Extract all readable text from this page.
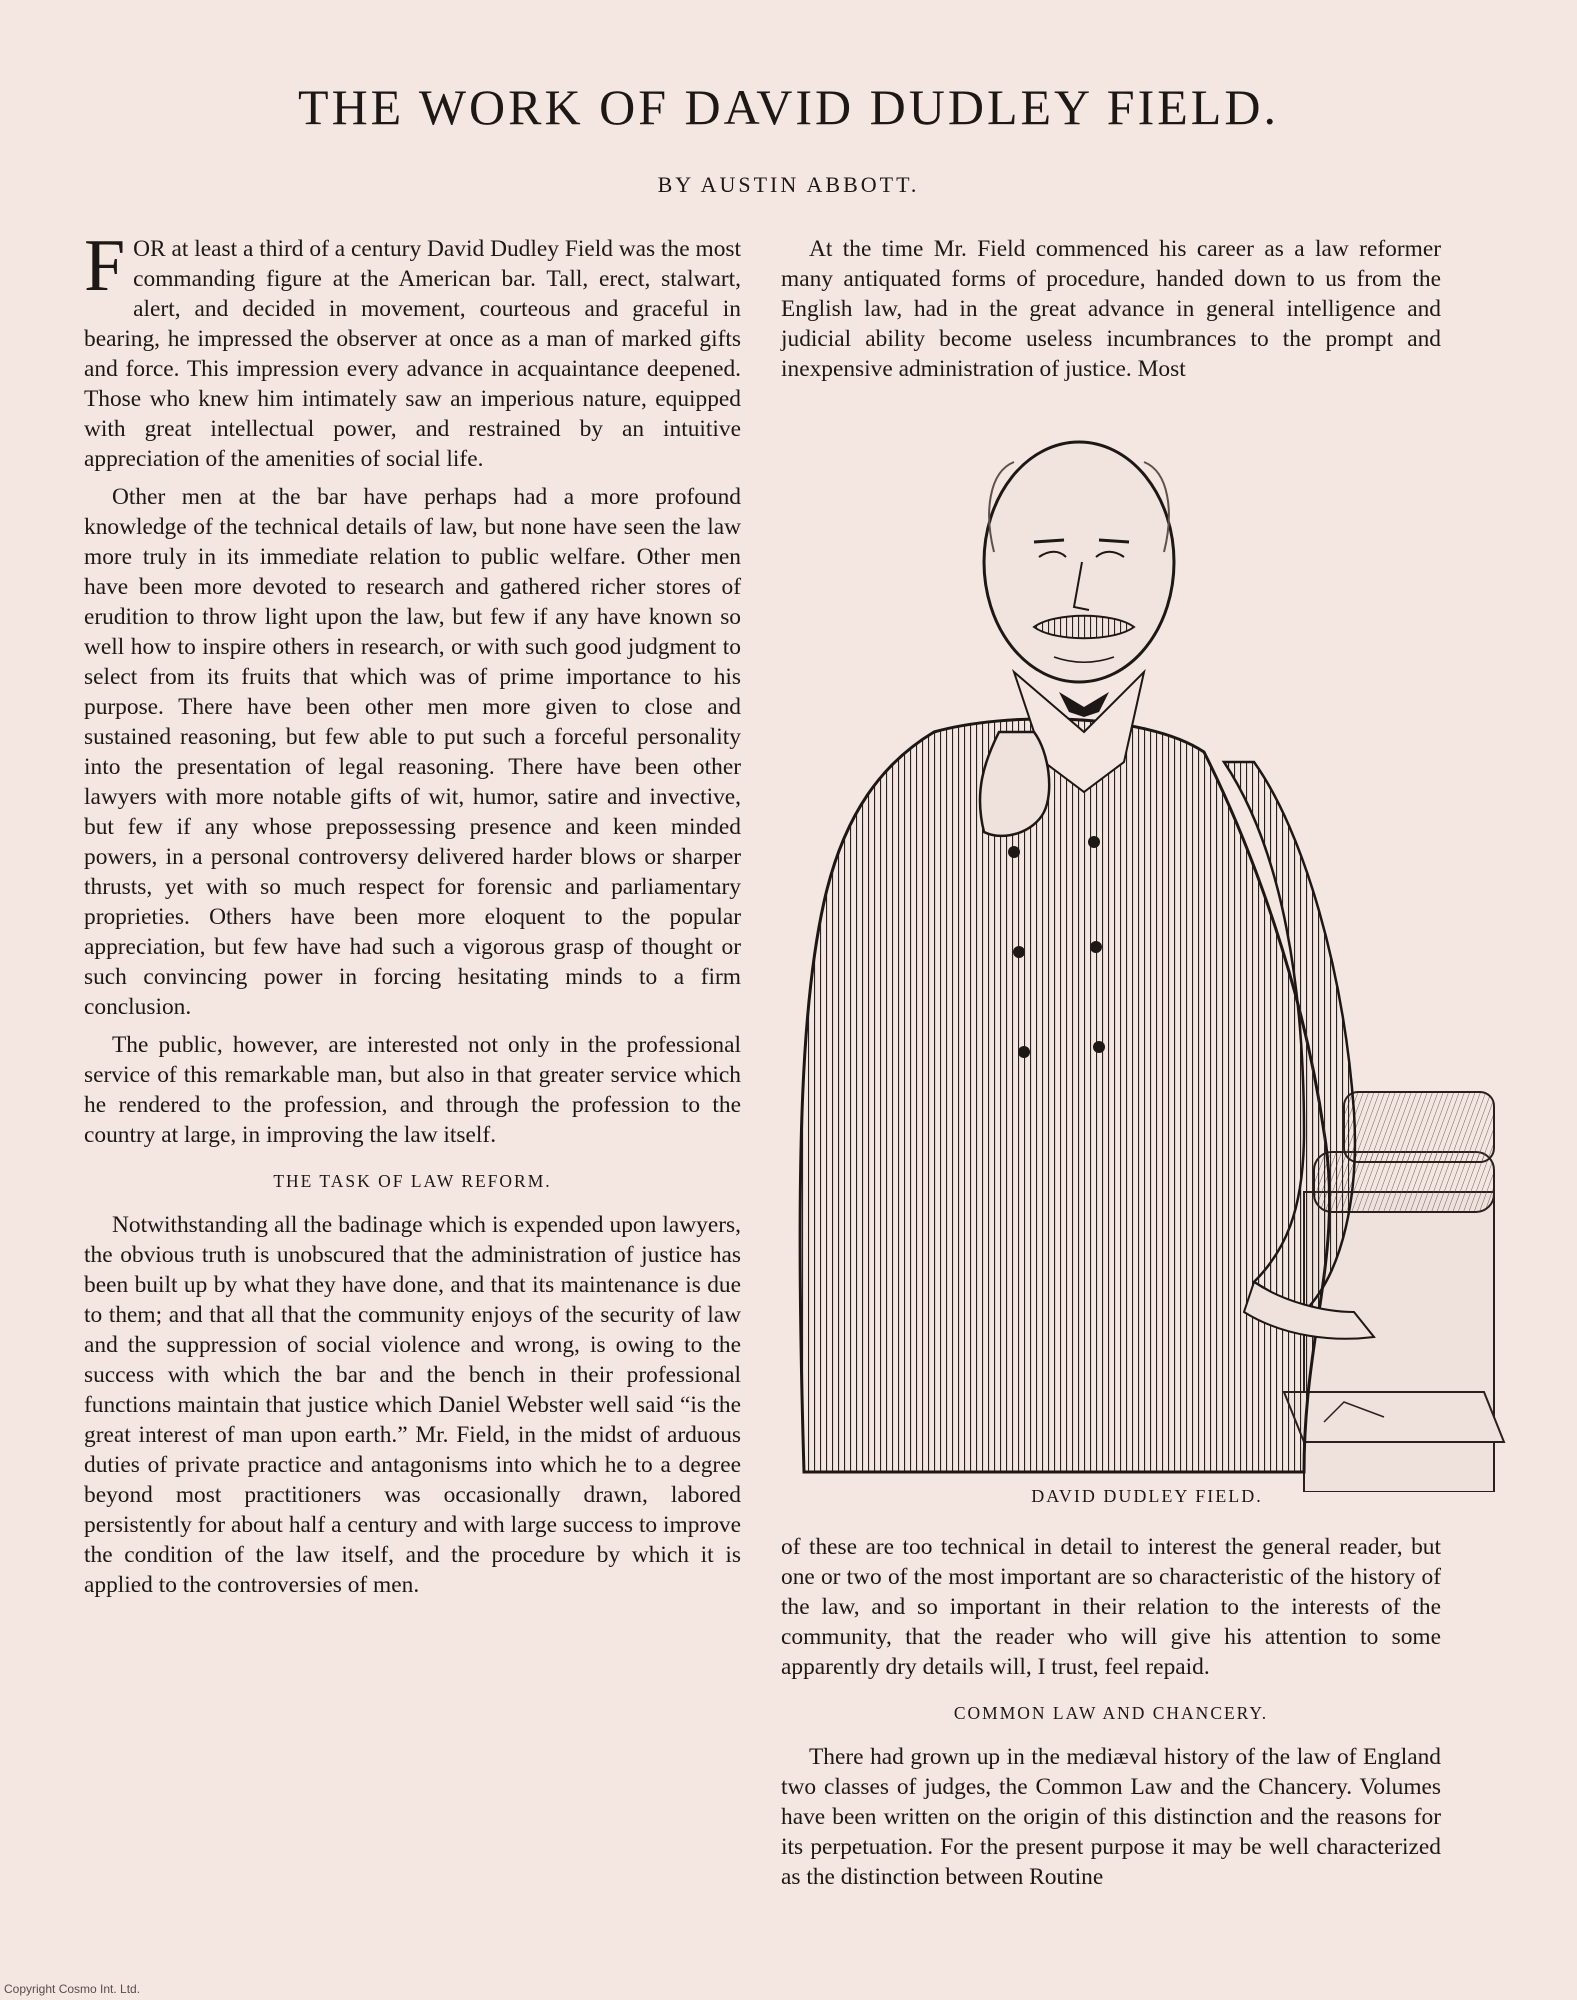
THE WORK OF DAVID DUDLEY FIELD.
BY AUSTIN ABBOTT.

FOR at least a third of a century David Dudley Field was the most commanding figure at the American bar. Tall, erect, stalwart, alert, and decided in movement, courteous and graceful in bearing, he impressed the observer at once as a man of marked gifts and force. This impression every advance in acquaintance deepened. Those who knew him intimately saw an imperious nature, equipped with great intellectual power, and restrained by an intuitive appreciation of the amenities of social life.

Other men at the bar have perhaps had a more profound knowledge of the technical details of law, but none have seen the law more truly in its immediate relation to public welfare. Other men have been more devoted to research and gathered richer stores of erudition to throw light upon the law, but few if any have known so well how to inspire others in research, or with such good judgment to select from its fruits that which was of prime importance to his purpose. There have been other men more given to close and sustained reasoning, but few able to put such a forceful personality into the presentation of legal reasoning. There have been other lawyers with more notable gifts of wit, humor, satire and invective, but few if any whose prepossessing presence and keen minded powers, in a personal controversy delivered harder blows or sharper thrusts, yet with so much respect for forensic and parliamentary proprieties. Others have been more eloquent to the popular appreciation, but few have had such a vigorous grasp of thought or such convincing power in forcing hesitating minds to a firm conclusion.

The public, however, are interested not only in the professional service of this remarkable man, but also in that greater service which he rendered to the profession, and through the profession to the country at large, in improving the law itself.

THE TASK OF LAW REFORM.

Notwithstanding all the badinage which is expended upon lawyers, the obvious truth is unobscured that the administration of justice has been built up by what they have done, and that its maintenance is due to them; and that all that the community enjoys of the security of law and the suppression of social violence and wrong, is owing to the success with which the bar and the bench in their professional functions maintain that justice which Daniel Webster well said “is the great interest of man upon earth.” Mr. Field, in the midst of arduous duties of private practice and antagonisms into which he to a degree beyond most practitioners was occasionally drawn, labored persistently for about half a century and with large success to improve the condition of the law itself, and the procedure by which it is applied to the controversies of men.

At the time Mr. Field commenced his career as a law reformer many antiquated forms of procedure, handed down to us from the English law, had in the great advance in general intelligence and judicial ability become useless incumbrances to the prompt and inexpensive administration of justice. Most

DAVID DUDLEY FIELD.

of these are too technical in detail to interest the general reader, but one or two of the most important are so characteristic of the history of the law, and so important in their relation to the interests of the community, that the reader who will give his attention to some apparently dry details will, I trust, feel repaid.

COMMON LAW AND CHANCERY.

There had grown up in the mediæval history of the law of England two classes of judges, the Common Law and the Chancery. Volumes have been written on the origin of this distinction and the reasons for its perpetuation. For the present purpose it may be well characterized as the distinction between Routine

Copyright Cosmo Int. Ltd.
